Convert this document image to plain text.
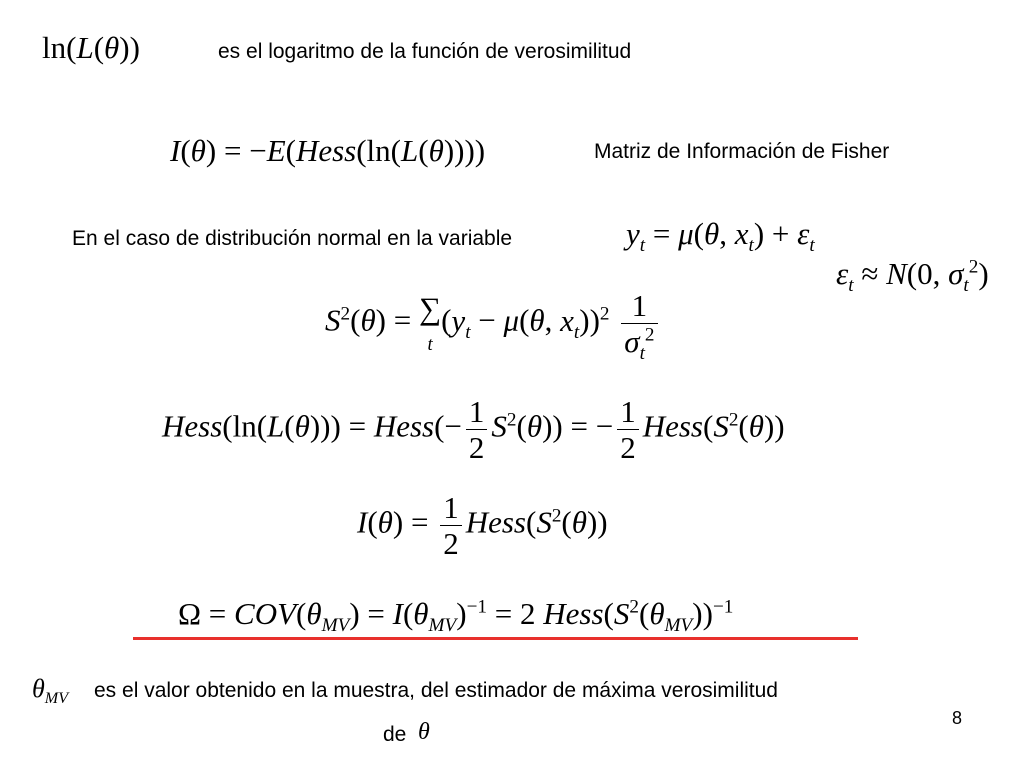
ln(L(θ))	es el logaritmo de la función de verosimilitud
I(θ) = −E(Hess(ln(L(θ))))	Matriz de Información de Fisher
En el caso de distribución normal en la variable	$y_t = \mu(\theta$, $x_t) + \varepsilon_t$
$\varepsilon_t \approx N(0$, $\sigma_t^2$)
$S^2(\theta)$ = ∑
$t(y_t - \mu(\theta$, $x_t))^2 \frac{1}{\sigma_t^2}$
Hess(ln(L(θ))) = Hess(− $\frac{1}{2} S^2(\theta)$) = − $\frac{1}{2}$ $Hess(S^2(\theta))$
$I(\theta) = \frac{1}{2}$ $Hess(S^2(\theta))$
$\Omega = COV(\theta_{MV}) = I(\theta_{MV})^{-1} = 2$ $Hess(S^2(\theta_{MV}))^{-1}$
$\theta_{MV}$ es el valor obtenido en la muestra, del estimador de máxima verosimilitud
de θ
8
